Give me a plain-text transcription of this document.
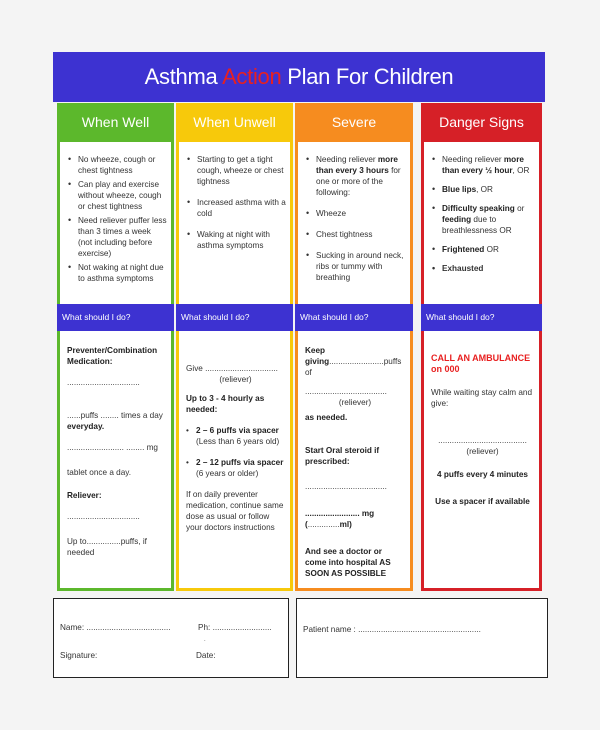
Asthma Action Plan For Children
When Well
• No wheeze, cough or chest tightness
• Can play and exercise without wheeze, cough or chest tightness
• Need reliever puffer less than 3 times a week (not including before exercise)
• Not waking at night due to asthma symptoms
What should I do?

Preventer/Combination Medication:

................................

......puffs ........ times a day everyday.

......................... ........ mg

tablet once a day.

Reliever:

................................

Up to...............puffs, if needed

When Unwell
• Starting to get a tight cough, wheeze or chest tightness
• Increased asthma with a cold
• Waking at night with asthma symptoms
What should I do?

Give ................................

(reliever)

Up to 3 - 4 hourly as needed:

• 2 – 6 puffs via spacer
(Less than 6 years old)
• 2 – 12 puffs via spacer
(6 years or older)

If on daily preventer medication, continue same dose as usual or follow your doctors instructions

Severe
• Needing reliever more than every 3 hours for one or more of the following:
• Wheeze
• Chest tightness
• Sucking in around neck, ribs or tummy with breathing
What should I do?

Keep giving........................puffs of

....................................

(reliever)

as needed.

Start Oral steroid if prescribed:

....................................

........................ mg (..............ml)

And see a doctor or come into hospital AS SOON AS POSSIBLE

Danger Signs
• Needing reliever more than every ½ hour, OR
• Blue lips, OR
• Difficulty speaking or feeding due to breathlessness OR
• Frightened OR
• Exhausted
What should I do?

CALL AN AMBULANCE on 000

While waiting stay calm and give:

.......................................

(reliever)

4 puffs every 4 minutes

Use a spacer if available

Name: .....................................	Ph: ..........................
.
Signature:	Date:
Patient name : ......................................................
